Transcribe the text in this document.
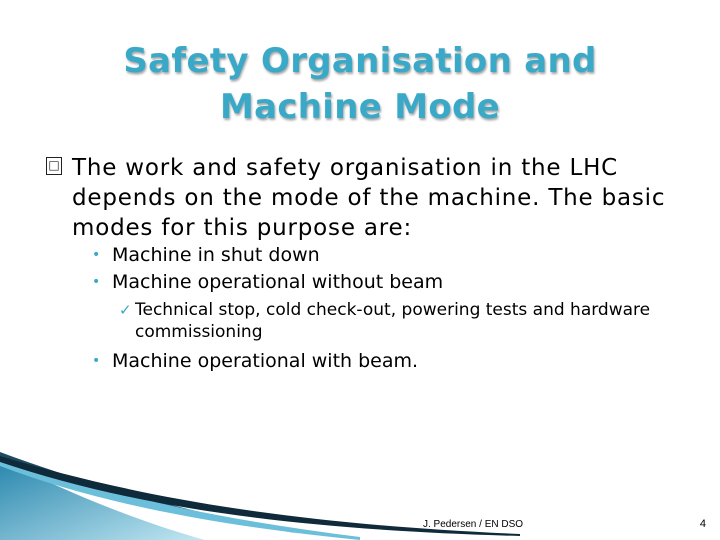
Safety Organisation and
Machine Mode
□ The work and safety organisation in the LHC depends on the mode of the machine. The basic modes for this purpose are:
• Machine in shut down
• Machine operational without beam
✓ Technical stop, cold check-out, powering tests and hardware commissioning
• Machine operational with beam.
J. Pedersen / EN DSO	4
